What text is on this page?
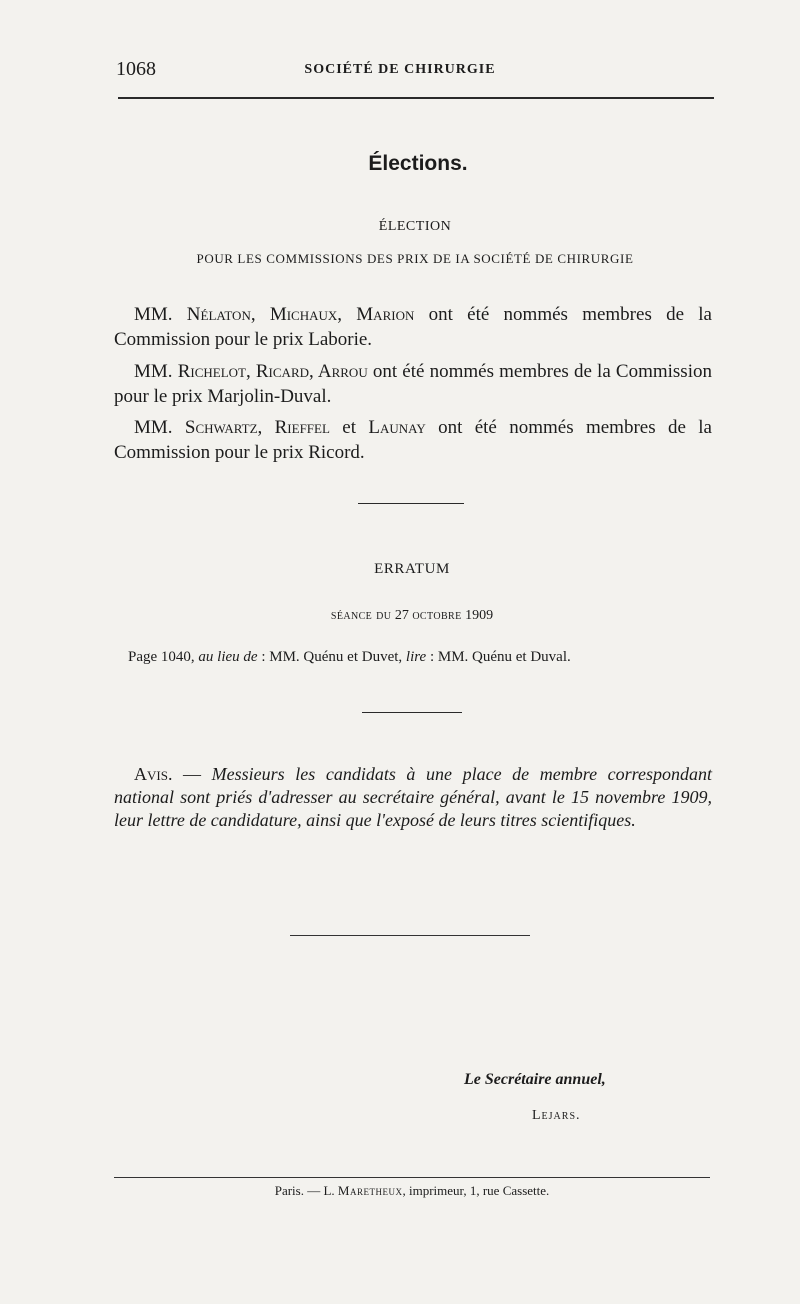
1068	SOCIÉTÉ DE CHIRURGIE
Élections.
ÉLECTION
POUR LES COMMISSIONS DES PRIX DE IA SOCIÉTÉ DE CHIRURGIE
MM. Nélaton, Michaux, Marion ont été nommés membres de la Commission pour le prix Laborie.
MM. Richelot, Ricard, Arrou ont été nommés membres de la Commission pour le prix Marjolin-Duval.
MM. Schwartz, Rieffel et Launay ont été nommés membres de la Commission pour le prix Ricord.
ERRATUM
séance du 27 octobre 1909
Page 1040, au lieu de : MM. Quénu et Duvet, lire : MM. Quénu et Duval.
Avis. — Messieurs les candidats à une place de membre correspondant national sont priés d'adresser au secrétaire général, avant le 15 novembre 1909, leur lettre de candidature, ainsi que l'exposé de leurs titres scientifiques.
Le Secrétaire annuel,
Lejars.
Paris. — L. Maretheux, imprimeur, 1, rue Cassette.
